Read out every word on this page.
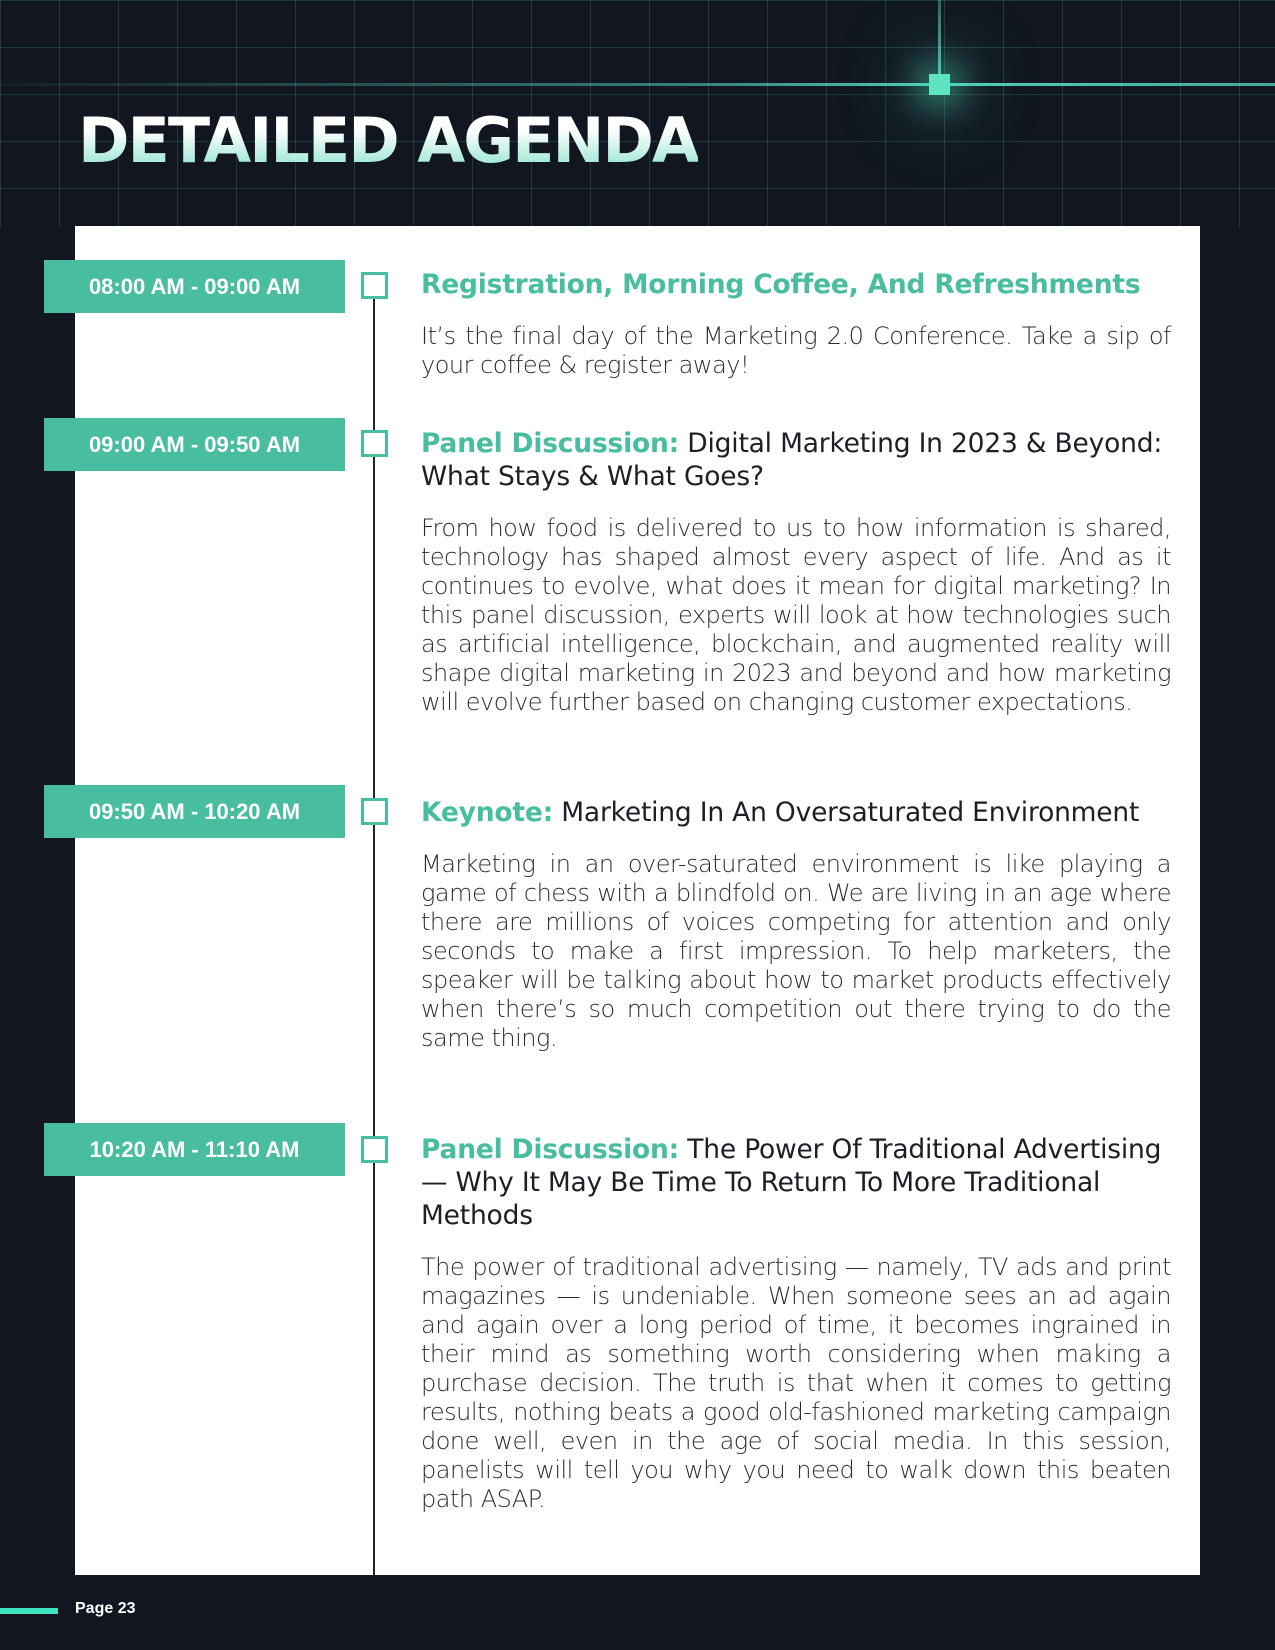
DETAILED AGENDA
08:00 AM - 09:00 AM	Registration, Morning Coffee, And Refreshments

It’s the final day of the Marketing 2.0 Conference. Take a sip of your coffee & register away!

09:00 AM - 09:50 AM	Panel Discussion: Digital Marketing In 2023 & Beyond: What Stays & What Goes?

From how food is delivered to us to how information is shared, technology has shaped almost every aspect of life. And as it continues to evolve, what does it mean for digital marketing? In this panel discussion, experts will look at how technologies such as artificial intelligence, blockchain, and augmented reality will shape digital marketing in 2023 and beyond and how marketing will evolve further based on changing customer expectations.

09:50 AM - 10:20 AM	Keynote: Marketing In An Oversaturated Environment

Marketing in an over-saturated environment is like playing a game of chess with a blindfold on. We are living in an age where there are millions of voices competing for attention and only seconds to make a first impression. To help marketers, the speaker will be talking about how to market products effectively when there’s so much competition out there trying to do the same thing.

10:20 AM - 11:10 AM	Panel Discussion: The Power Of Traditional Advertising — Why It May Be Time To Return To More Traditional Methods

The power of traditional advertising — namely, TV ads and print magazines — is undeniable. When someone sees an ad again and again over a long period of time, it becomes ingrained in their mind as something worth considering when making a purchase decision. The truth is that when it comes to getting results, nothing beats a good old-fashioned marketing campaign done well, even in the age of social media. In this session, panelists will tell you why you need to walk down this beaten path ASAP.

Page 23
